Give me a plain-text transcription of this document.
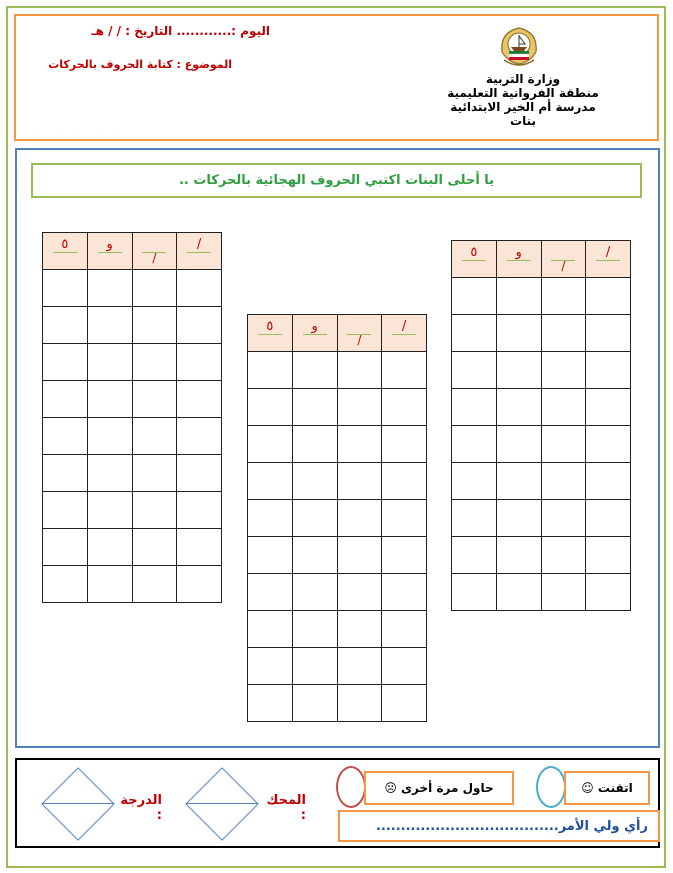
اليوم :............ التاريخ : / / هـ
الموضوع : كتابة الحروف بالحركات
.....
وزارة التربية
منطقة الفروانية التعليمية
مدرسة أم الخير الابتدائية بنات
يا أحلى البنات اكتبي الحروف الهجائية بالحركات ..
٥	و	/	/

٥	و	/	/

٥	و	/	/

الدرجة :
المحك :
حاول مرة أخرى ☹	اتقنت ☺
رأي ولي الأمر.....................................
